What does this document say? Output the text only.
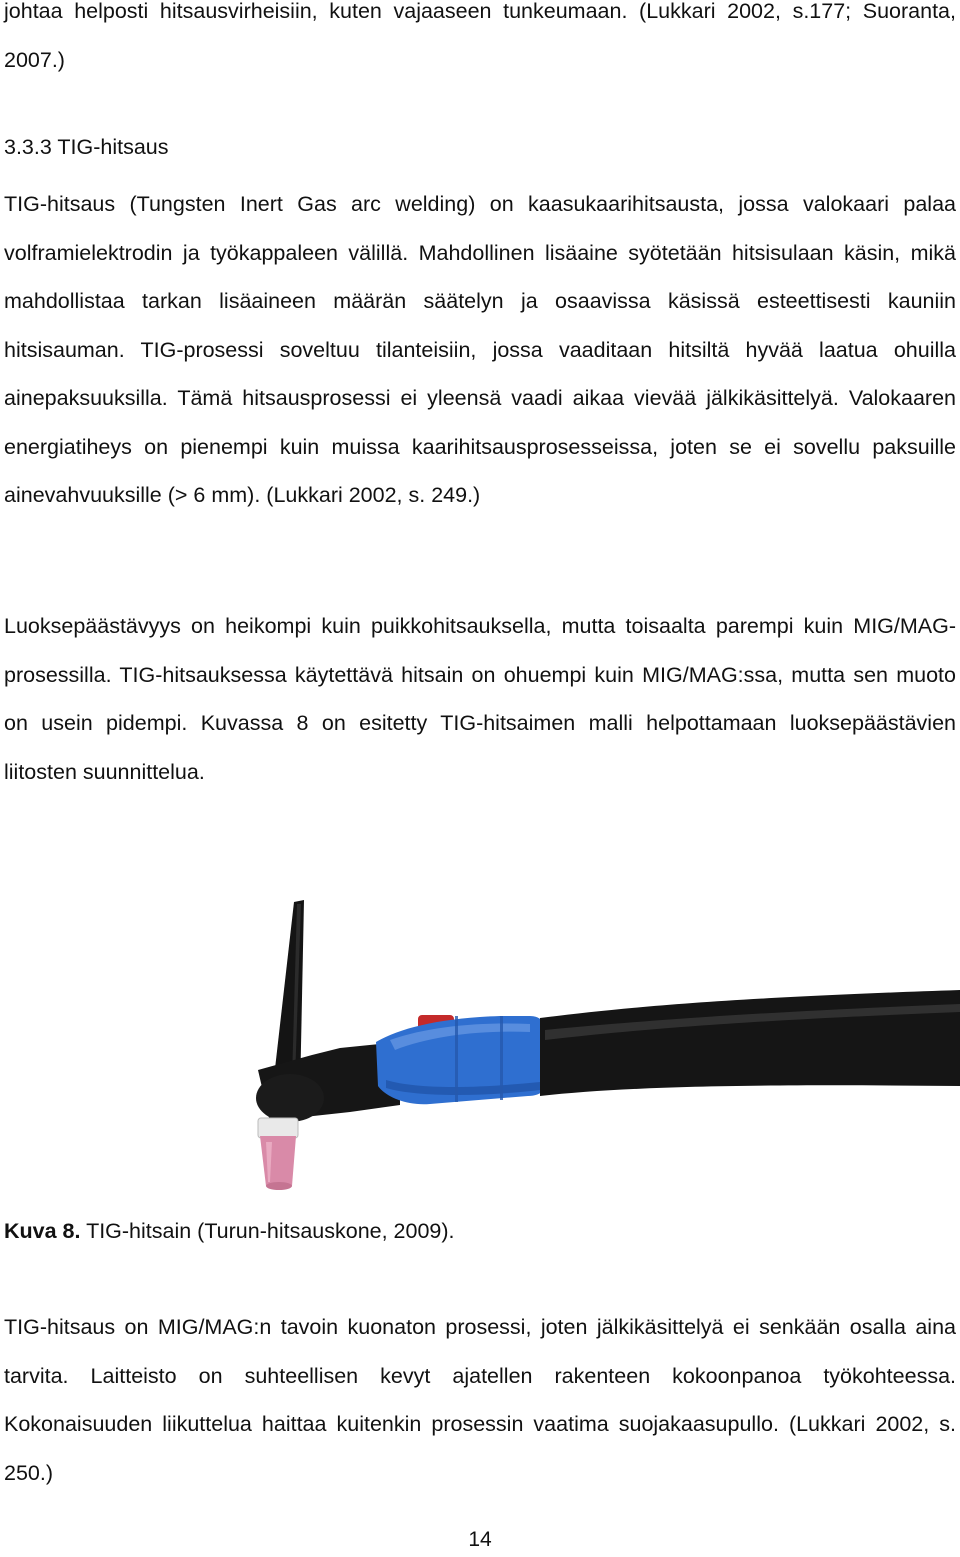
johtaa helposti hitsausvirheisiin, kuten vajaaseen tunkeumaan. (Lukkari 2002, s.177; Suoranta, 2007.)

3.3.3 TIG-hitsaus

TIG-hitsaus (Tungsten Inert Gas arc welding) on kaasukaarihitsausta, jossa valokaari palaa volframielektrodin ja työkappaleen välillä. Mahdollinen lisäaine syötetään hitsisulaan käsin, mikä mahdollistaa tarkan lisäaineen määrän säätelyn ja osaavissa käsissä esteettisesti kauniin hitsisauman. TIG-prosessi soveltuu tilanteisiin, jossa vaaditaan hitsiltä hyvää laatua ohuilla ainepaksuuksilla. Tämä hitsausprosessi ei yleensä vaadi aikaa vievää jälkikäsittelyä. Valokaaren energiatiheys on pienempi kuin muissa kaarihitsausprosesseissa, joten se ei sovellu paksuille ainevahvuuksille (> 6 mm). (Lukkari 2002, s. 249.)

Luoksepäästävyys on heikompi kuin puikkohitsauksella, mutta toisaalta parempi kuin MIG/MAG-prosessilla. TIG-hitsauksessa käytettävä hitsain on ohuempi kuin MIG/MAG:ssa, mutta sen muoto on usein pidempi. Kuvassa 8 on esitetty TIG-hitsaimen malli helpottamaan luoksepäästävien liitosten suunnittelua.

Kuva 8. TIG-hitsain (Turun-hitsauskone, 2009).

TIG-hitsaus on MIG/MAG:n tavoin kuonaton prosessi, joten jälkikäsittelyä ei senkään osalla aina tarvita. Laitteisto on suhteellisen kevyt ajatellen rakenteen kokoonpanoa työkohteessa. Kokonaisuuden liikuttelua haittaa kuitenkin prosessin vaatima suojakaasupullo. (Lukkari 2002, s. 250.)

14
